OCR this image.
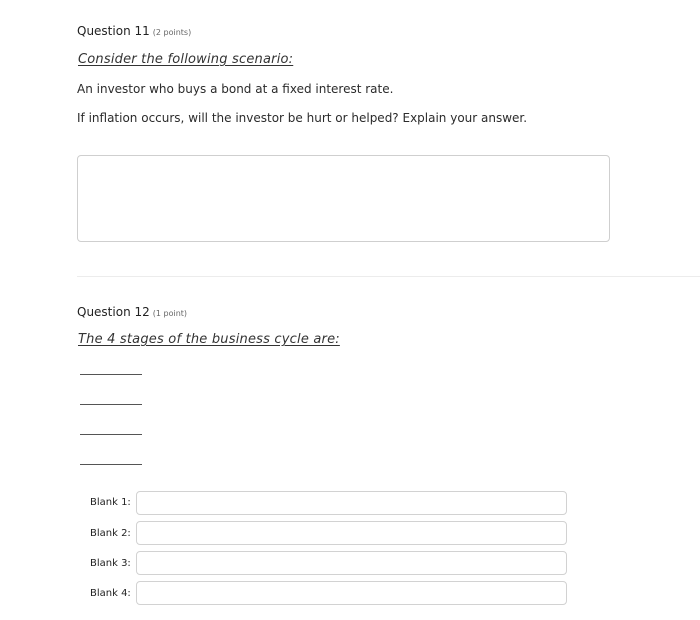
Question 11 (2 points)
Consider the following scenario:
An investor who buys a bond at a fixed interest rate.
If inflation occurs, will the investor be hurt or helped? Explain your answer.
Question 12 (1 point)
The 4 stages of the business cycle are:
Blank 1:
Blank 2:
Blank 3:
Blank 4:
